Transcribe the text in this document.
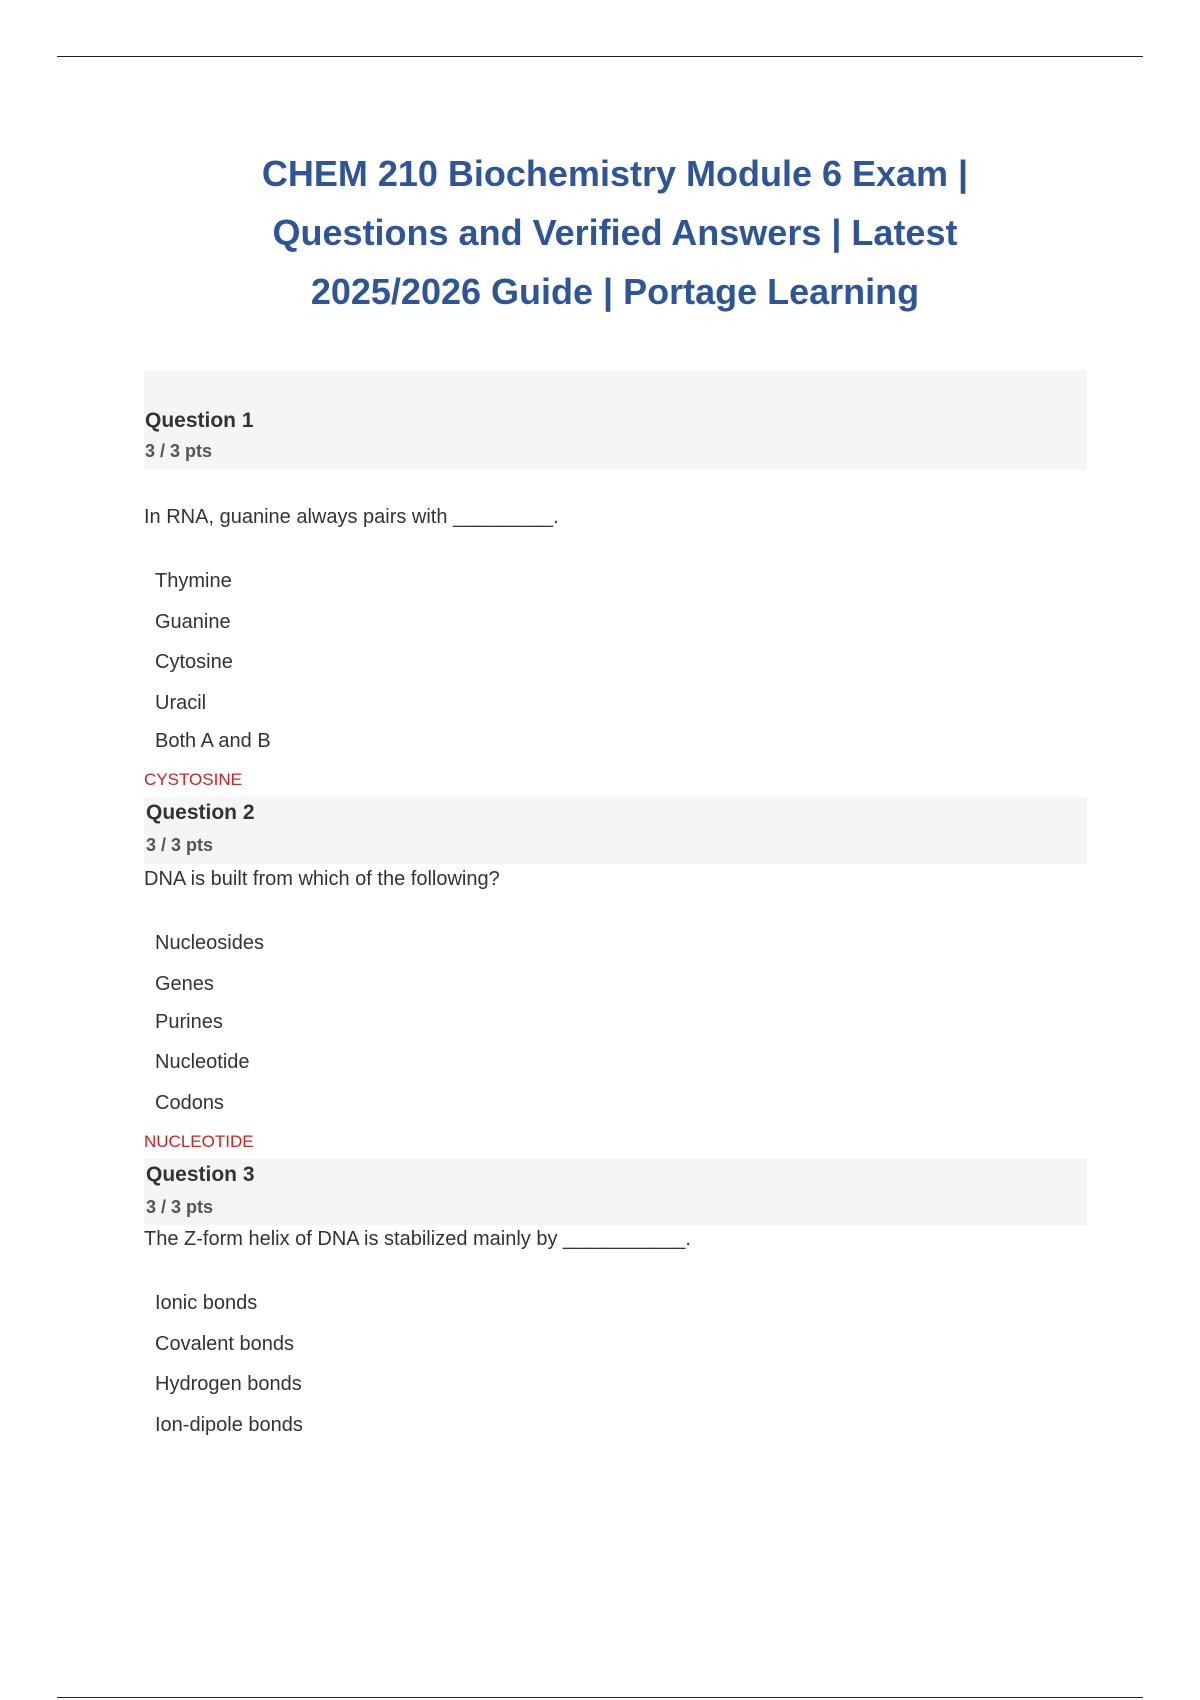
CHEM 210 Biochemistry Module 6 Exam |
Questions and Verified Answers | Latest
2025/2026 Guide | Portage Learning
Question 1
3 / 3 pts
In RNA, guanine always pairs with _________.
Thymine
Guanine
Cytosine
Uracil
Both A and B
CYSTOSINE
Question 2
3 / 3 pts
DNA is built from which of the following?
Nucleosides
Genes
Purines
Nucleotide
Codons
NUCLEOTIDE
Question 3
3 / 3 pts
The Z-form helix of DNA is stabilized mainly by ___________.
Ionic bonds
Covalent bonds
Hydrogen bonds
Ion-dipole bonds
